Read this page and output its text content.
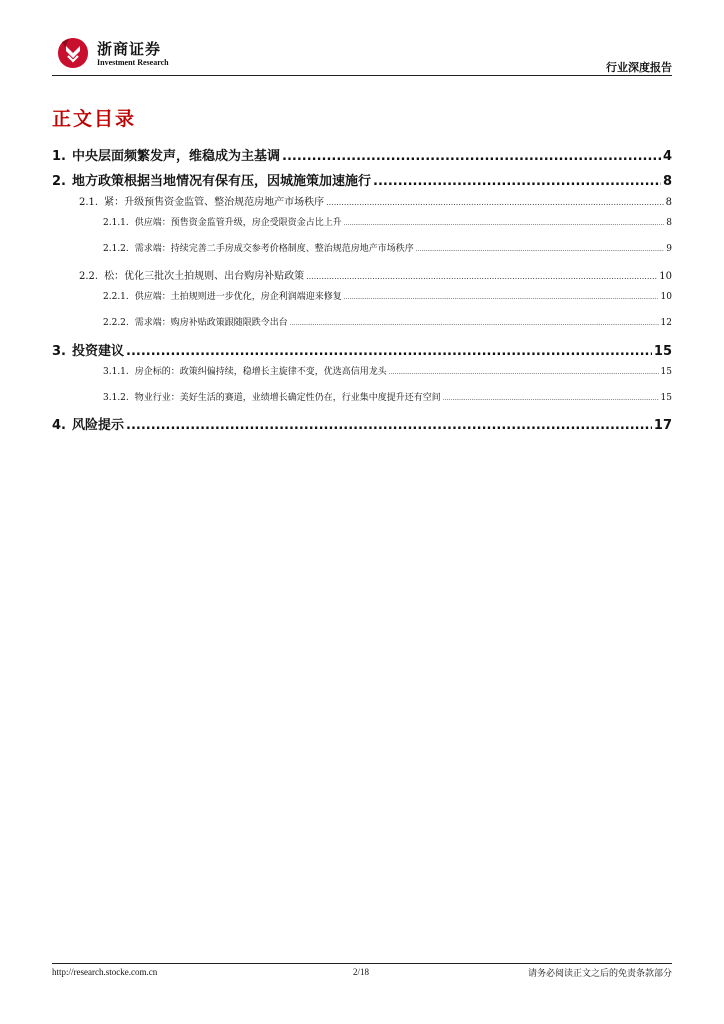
浙商证券
Investment Research	行业深度报告
正文目录
1. 中央层面频繁发声，维稳成为主基调 .....	4
2. 地方政策根据当地情况有保有压，因城施策加速施行 .....	8
2.1. 紧：升级预售资金监管、整治规范房地产市场秩序 .....	8
2.1.1. 供应端：预售资金监管升级，房企受限资金占比上升 .....	8
2.1.2. 需求端：持续完善二手房成交参考价格制度、整治规范房地产市场秩序 .....	9
2.2. 松：优化三批次土拍规则、出台购房补贴政策 .....	10
2.2.1. 供应端：土拍规则进一步优化，房企利润端迎来修复 .....	10
2.2.2. 需求端：购房补贴政策跟随限跌令出台 .....	12
3. 投资建议 .....	15
3.1.1. 房企标的：政策纠偏持续，稳增长主旋律不变，优选高信用龙头 .....	15
3.1.2. 物业行业：美好生活的赛道，业绩增长确定性仍在，行业集中度提升还有空间 .....	15
4. 风险提示 .....	17
http://research.stocke.com.cn	2/18	请务必阅读正文之后的免责条款部分
